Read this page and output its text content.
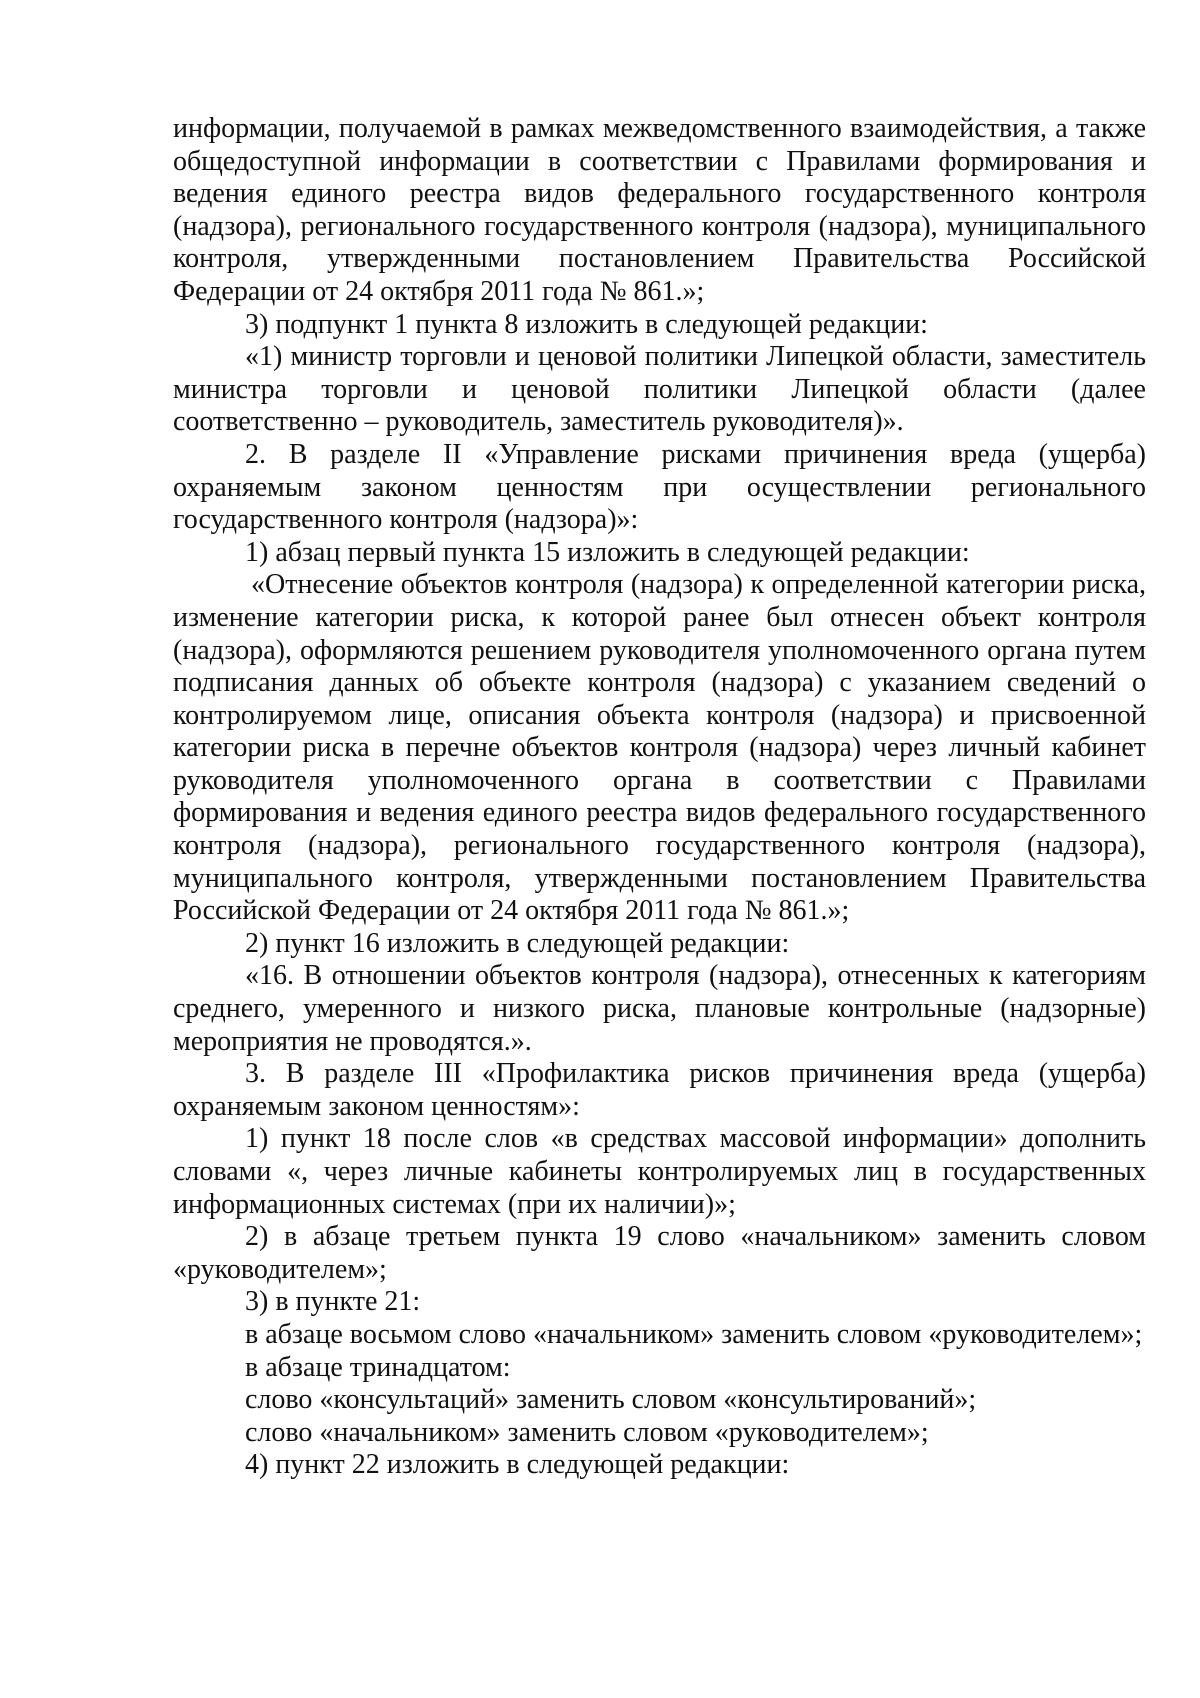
информации, получаемой в рамках межведомственного взаимодействия, а также общедоступной информации в соответствии с Правилами формирования и ведения единого реестра видов федерального государственного контроля (надзора), регионального государственного контроля (надзора), муниципального контроля, утвержденными постановлением Правительства Российской Федерации от 24 октября 2011 года № 861.»;

3) подпункт 1 пункта 8 изложить в следующей редакции:

«1) министр торговли и ценовой политики Липецкой области, заместитель министра торговли и ценовой политики Липецкой области (далее соответственно – руководитель, заместитель руководителя)».

2. В разделе II «Управление рисками причинения вреда (ущерба) охраняемым законом ценностям при осуществлении регионального государственного контроля (надзора)»:

1) абзац первый пункта 15 изложить в следующей редакции:

«Отнесение объектов контроля (надзора) к определенной категории риска, изменение категории риска, к которой ранее был отнесен объект контроля (надзора), оформляются решением руководителя уполномоченного органа путем подписания данных об объекте контроля (надзора) с указанием сведений о контролируемом лице, описания объекта контроля (надзора) и присвоенной категории риска в перечне объектов контроля (надзора) через личный кабинет руководителя уполномоченного органа в соответствии с Правилами формирования и ведения единого реестра видов федерального государственного контроля (надзора), регионального государственного контроля (надзора), муниципального контроля, утвержденными постановлением Правительства Российской Федерации от 24 октября 2011 года № 861.»;

2) пункт 16 изложить в следующей редакции:

«16. В отношении объектов контроля (надзора), отнесенных к категориям среднего, умеренного и низкого риска, плановые контрольные (надзорные) мероприятия не проводятся.».

3. В разделе III «Профилактика рисков причинения вреда (ущерба) охраняемым законом ценностям»:

1) пункт 18 после слов «в средствах массовой информации» дополнить словами «, через личные кабинеты контролируемых лиц в государственных информационных системах (при их наличии)»;

2) в абзаце третьем пункта 19 слово «начальником» заменить словом «руководителем»;

3) в пункте 21:

в абзаце восьмом слово «начальником» заменить словом «руководителем»;

в абзаце тринадцатом:

слово «консультаций» заменить словом «консультирований»;

слово «начальником» заменить словом «руководителем»;

4) пункт 22 изложить в следующей редакции:
